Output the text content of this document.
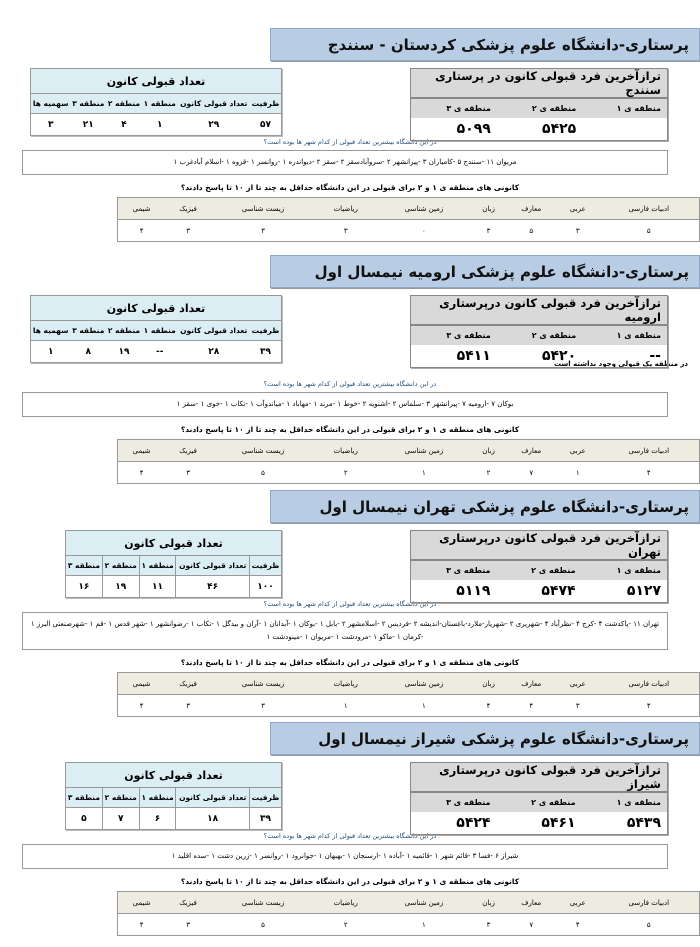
پرستاری-دانشگاه علوم پزشکی کردستان - سنندج
ترازآخرین فرد قبولی کانون در پرستاری سنندج		
منطقه ی ۱	منطقه ی ۲	منطقه ی ۳
	۵۴۲۵	۵۰۹۹
تعداد قبولی کانون					
ظرفیت	تعداد قبولی کانون	منطقه ۱	منطقه ۲	منطقه ۳	سهمیه ها
۵۷	۲۹	۱	۴	۲۱	۳
در این دانشگاه بیشترین تعداد قبولی از کدام شهر ها بوده است؟
مریوان ۱۱ -سنندج ۵ -کامیاران ۳ -پیرانشهر ۲ -سروآبادسقز ۲ -سقز ۲ -دیواندره ۱ -روانسر ۱ -قروه ۱ -اسلام آبادغرب ۱
کانونی های منطقه ی ۱ و ۲ برای قبولی در این دانشگاه حداقل به چند تا از ۱۰ تا پاسخ دادند؟
ادبیات فارسی	عربی	معارف	زبان	زمین شناسی	ریاضیات	زیست شناسی	فیزیک	شیمی
۵	۳	۵	۳	۰	۳	۳	۳	۴
پرستاری-دانشگاه علوم پزشکی ارومیه نیمسال اول
ترازآخرین فرد قبولی کانون درپرستاری ارومیه		
منطقه ی ۱	منطقه ی ۲	منطقه ی ۳
--	۵۴۲۰	۵۴۱۱
تعداد قبولی کانون					
ظرفیت	تعداد قبولی کانون	منطقه ۱	منطقه ۲	منطقه ۳	سهمیه ها
۳۹	۲۸	--	۱۹	۸	۱
در منطقه یک قبولی وجود نداشته است
در این دانشگاه بیشترین تعداد قبولی از کدام شهر ها بوده است؟
بوکان ۷ -ارومیه ۷ -پیرانشهر ۳ -سلماس ۲ -اشنویه ۲ -خوط ۱ -مرند ۱ -مهاباد ۱ -میاندوآب ۱ -تکاب ۱ -خوی ۱ -سقز ۱
کانونی های منطقه ی ۱ و ۲ برای قبولی در این دانشگاه حداقل به چند تا از ۱۰ تا پاسخ دادند؟
ادبیات فارسی	عربی	معارف	زبان	زمین شناسی	ریاضیات	زیست شناسی	فیزیک	شیمی
۴	۱	۷	۲	۱	۲	۵	۳	۴
پرستاری-دانشگاه علوم پزشکی تهران نیمسال اول
ترازآخرین فرد قبولی کانون درپرستاری تهران		
منطقه ی ۱	منطقه ی ۲	منطقه ی ۳
۵۱۲۷	۵۴۷۴	۵۱۱۹
تعداد قبولی کانون				
ظرفیت	تعداد قبولی کانون	منطقه ۱	منطقه ۲	منطقه ۳
۱۰۰	۴۶	۱۱	۱۹	۱۶
در این دانشگاه بیشترین تعداد قبولی از کدام شهر ها بوده است؟
تهران ۱۱ -پاکدشت ۴ -کرج ۴ -نظرآباد ۴ -شهریری ۲ -شهریار-ملارد-باغستان-اندیشه ۲ -فردیس ۲ -اسلامشهر ۲ -بابل ۱ -بوکان ۱ -آبدانان ۱ -آران و بیدگل ۱ -تکاب ۱ -رضوانشهر ۱ -شهر قدس ۱ -قم ۱ -شهرصنعتی البرز ۱ -کرمان ۱ -ماکو ۱ -مرودشت ۱ -مریوان ۱ -مینودشت ۱
کانونی های منطقه ی ۱ و ۲ برای قبولی در این دانشگاه حداقل به چند تا از ۱۰ تا پاسخ دادند؟
ادبیات فارسی	عربی	معارف	زبان	زمین شناسی	ریاضیات	زیست شناسی	فیزیک	شیمی
۴	۳	۴	۴	۱	۱	۳	۳	۴
پرستاری-دانشگاه علوم پزشکی شیراز نیمسال اول
ترازآخرین فرد قبولی کانون درپرستاری شیراز		
منطقه ی ۱	منطقه ی ۲	منطقه ی ۳
۵۴۳۹	۵۴۶۱	۵۴۲۴
تعداد قبولی کانون				
ظرفیت	تعداد قبولی کانون	منطقه ۱	منطقه ۲	منطقه ۳
۳۹	۱۸	۶	۷	۵
در این دانشگاه بیشترین تعداد قبولی از کدام شهر ها بوده است؟
شیراز ۶ -فسا ۳ -قائم شهر ۱ -قائمیه ۱ -آباده ۱ -ارسنجان ۱ -بهبهان ۱ -جوانرود ۱ -روانسر ۱ -زرین دشت ۱ -سده اقلید ۱
کانونی های منطقه ی ۱ و ۲ برای قبولی در این دانشگاه حداقل به چند تا از ۱۰ تا پاسخ دادند؟
ادبیات فارسی	عربی	معارف	زبان	زمین شناسی	ریاضیات	زیست شناسی	فیزیک	شیمی
۵	۴	۷	۳	۱	۲	۵	۳	۴
